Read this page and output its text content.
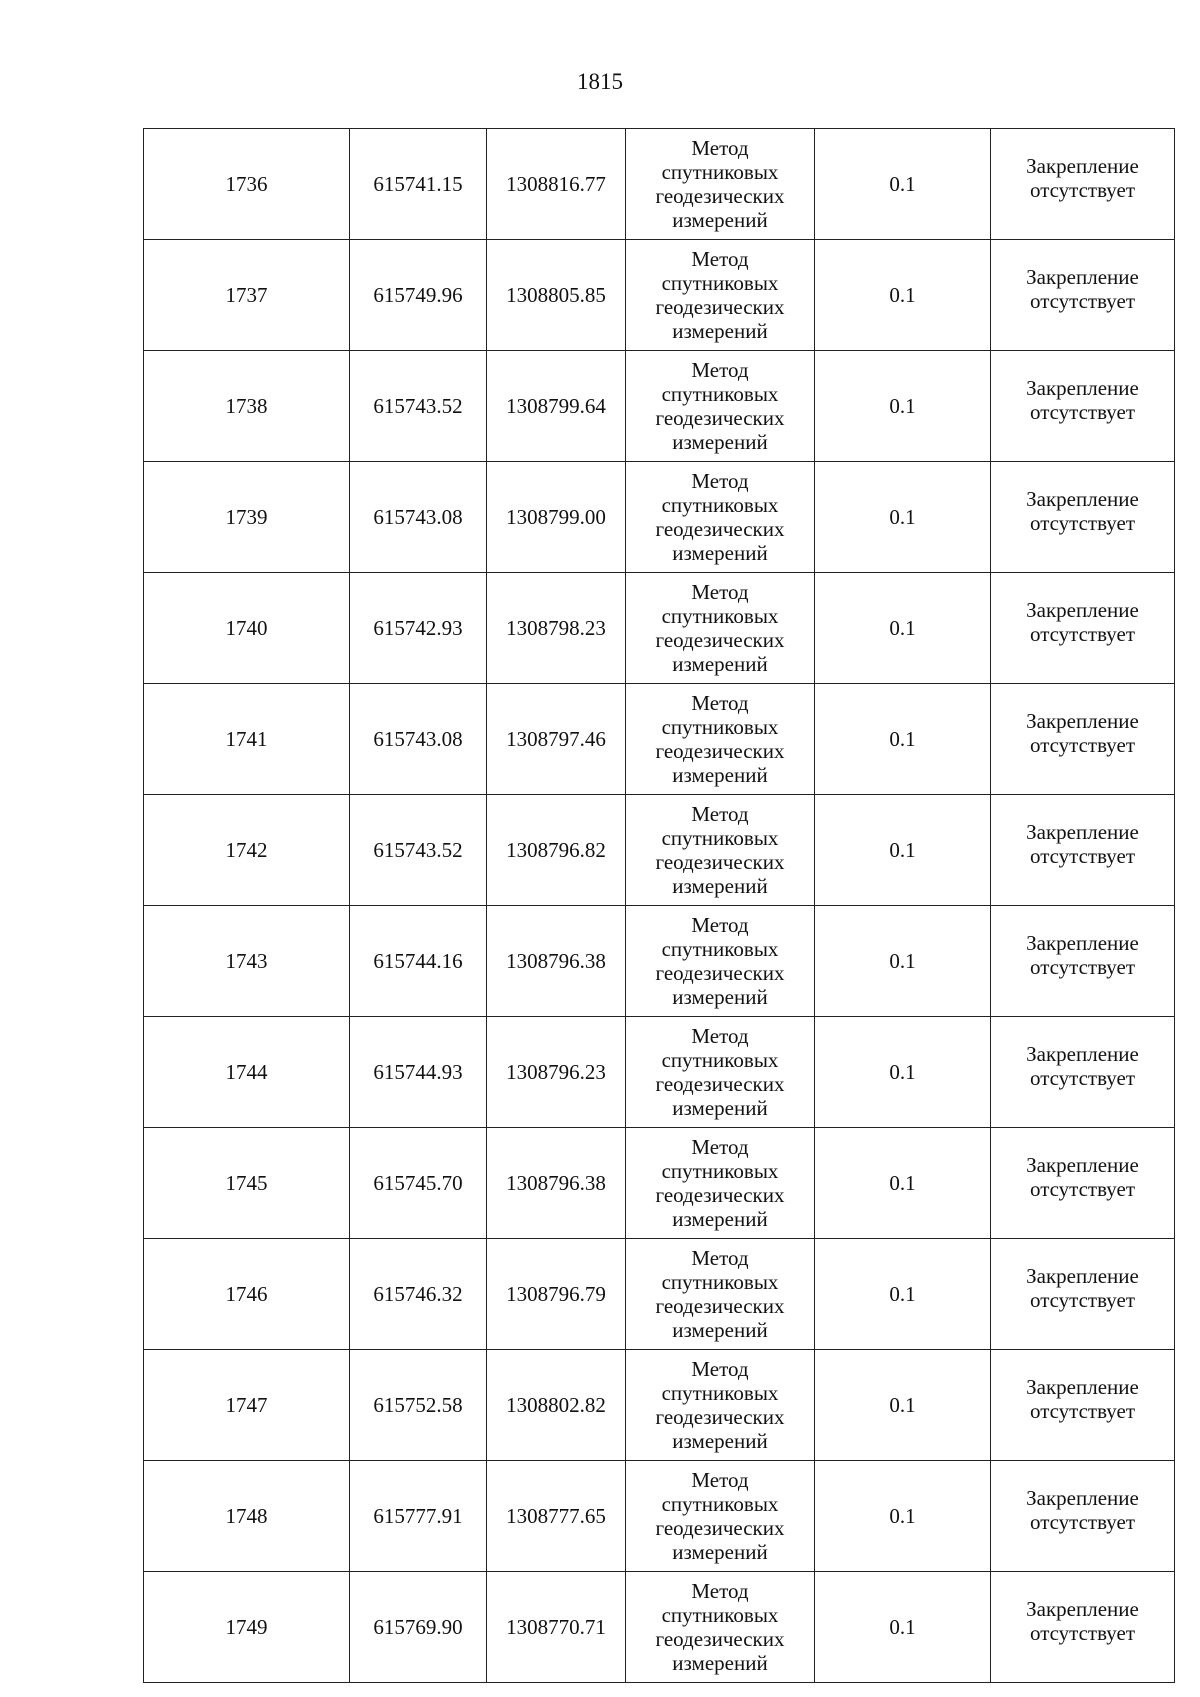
1815
1736	615741.15	1308816.77	Метод
спутниковых
геодезических
измерений	0.1	Закрепление
отсутствует

1737	615749.96	1308805.85	Метод
спутниковых
геодезических
измерений	0.1	Закрепление
отсутствует

1738	615743.52	1308799.64	Метод
спутниковых
геодезических
измерений	0.1	Закрепление
отсутствует

1739	615743.08	1308799.00	Метод
спутниковых
геодезических
измерений	0.1	Закрепление
отсутствует

1740	615742.93	1308798.23	Метод
спутниковых
геодезических
измерений	0.1	Закрепление
отсутствует

1741	615743.08	1308797.46	Метод
спутниковых
геодезических
измерений	0.1	Закрепление
отсутствует

1742	615743.52	1308796.82	Метод
спутниковых
геодезических
измерений	0.1	Закрепление
отсутствует

1743	615744.16	1308796.38	Метод
спутниковых
геодезических
измерений	0.1	Закрепление
отсутствует

1744	615744.93	1308796.23	Метод
спутниковых
геодезических
измерений	0.1	Закрепление
отсутствует

1745	615745.70	1308796.38	Метод
спутниковых
геодезических
измерений	0.1	Закрепление
отсутствует

1746	615746.32	1308796.79	Метод
спутниковых
геодезических
измерений	0.1	Закрепление
отсутствует

1747	615752.58	1308802.82	Метод
спутниковых
геодезических
измерений	0.1	Закрепление
отсутствует

1748	615777.91	1308777.65	Метод
спутниковых
геодезических
измерений	0.1	Закрепление
отсутствует

1749	615769.90	1308770.71	Метод
спутниковых
геодезических
измерений	0.1	Закрепление
отсутствует
